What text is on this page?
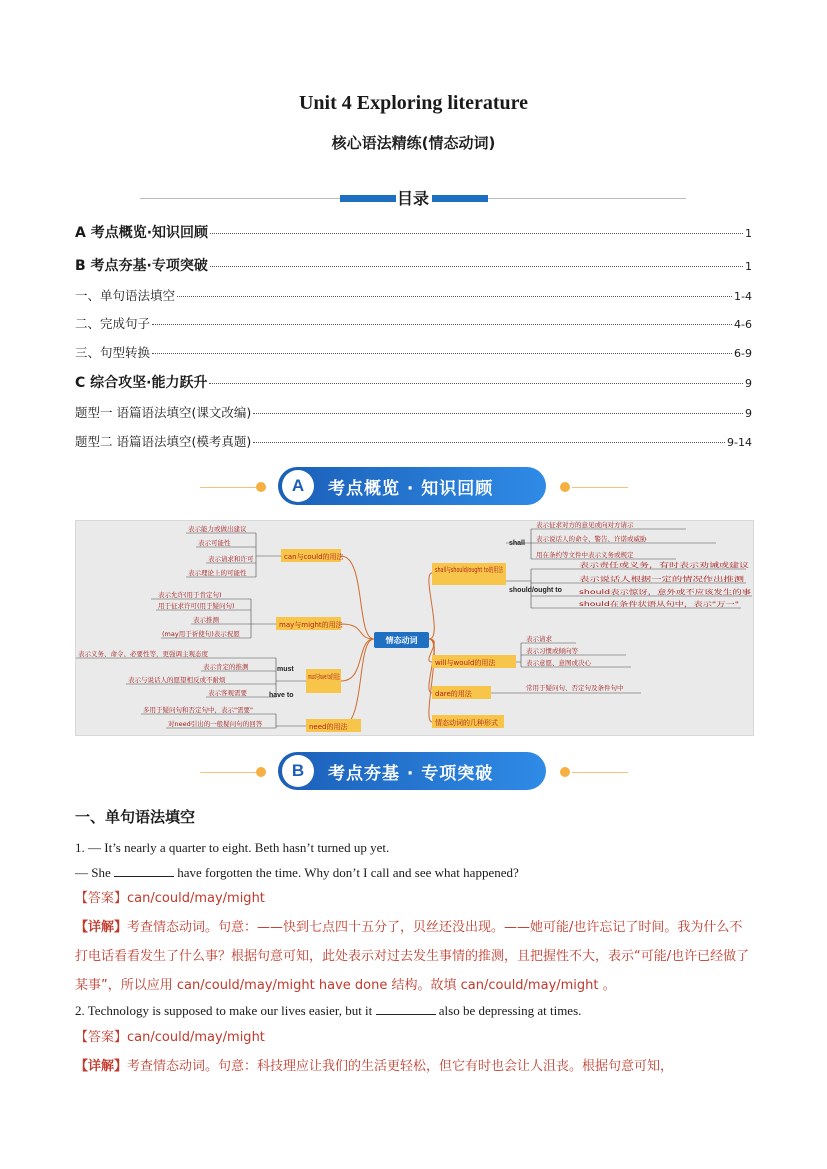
Unit 4 Exploring literature
核心语法精练(情态动词)
目录
A 考点概览·知识回顾	1
B 考点夯基·专项突破	1
一、单句语法填空	1-4
二、完成句子	4-6
三、句型转换	6-9
C 综合攻坚·能力跃升	9
题型一 语篇语法填空(课文改编)	9
题型二 语篇语法填空(模考真题)	9-14
A	考点概览 · 知识回顾
情态动词
can与could的用法
表示能力或做出建议
表示可能性
表示请求和许可
表示理论上的可能性
may与might的用法
表示允许(用于肯定句)
用于征求许可(用于疑问句)
表示推测
(may用于祈使句)表示祝愿
must与have to的用法
must
have to
表示义务、命令、必要性等，更强调主观态度
表示肯定的推测
表示与说话人的愿望相反或不耐烦
表示客观需要
need的用法
多用于疑问句和否定句中，表示"需要"
对need引出的一般疑问句的回答
shall与should/ought to的用法
shall
should/ought to
表示征求对方的意见或向对方请示
表示说话人的命令、警告、许诺或威胁
用在条约等文件中表示义务或规定
表示责任或义务，有时表示劝诫或建议
表示说话人根据一定的情况作出推测
should表示惊讶，意外或不应该发生的事
should在条件状语从句中，表示"万一"
will与would的用法
表示请求
表示习惯或倾向等
表示意愿、意图或决心
dare的用法
常用于疑问句、否定句及条件句中
情态动词的几种形式
B	考点夯基 · 专项突破
一、单句语法填空
1. — It’s nearly a quarter to eight. Beth hasn’t turned up yet.
— She	have forgotten the time. Why don’t I call and see what happened?
【答案】can/could/may/might
【详解】考查情态动词。句意：——快到七点四十五分了，贝丝还没出现。——她可能/也许忘记了时间。我为什么不打电话看看发生了什么事？根据句意可知，此处表示对过去发生事情的推测，且把握性不大，表示“可能/也许已经做了某事”，所以应用 can/could/may/might have done 结构。故填 can/could/may/might 。
2. Technology is supposed to make our lives easier, but it	also be depressing at times.
【答案】can/could/may/might
【详解】考查情态动词。句意：科技理应让我们的生活更轻松，但它有时也会让人沮丧。根据句意可知，
